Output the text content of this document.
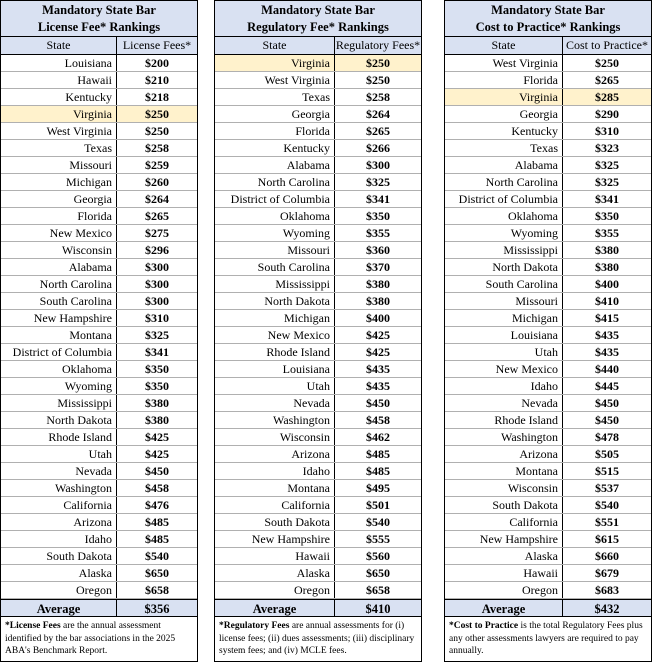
Mandatory State Bar
License Fee* Rankings
State	License Fees*
Louisiana	$200
Hawaii	$210
Kentucky	$218
Virginia	$250
West Virginia	$250
Texas	$258
Missouri	$259
Michigan	$260
Georgia	$264
Florida	$265
New Mexico	$275
Wisconsin	$296
Alabama	$300
North Carolina	$300
South Carolina	$300
New Hampshire	$310
Montana	$325
District of Columbia	$341
Oklahoma	$350
Wyoming	$350
Mississippi	$380
North Dakota	$380
Rhode Island	$425
Utah	$425
Nevada	$450
Washington	$458
California	$476
Arizona	$485
Idaho	$485
South Dakota	$540
Alaska	$650
Oregon	$658
Average	$356
*License Fees are the annual assessment identified by the bar associations in the 2025 ABA's Benchmark Report.
Mandatory State Bar
Regulatory Fee* Rankings
State	Regulatory Fees*
Virginia	$250
West Virginia	$250
Texas	$258
Georgia	$264
Florida	$265
Kentucky	$266
Alabama	$300
North Carolina	$325
District of Columbia	$341
Oklahoma	$350
Wyoming	$355
Missouri	$360
South Carolina	$370
Mississippi	$380
North Dakota	$380
Michigan	$400
New Mexico	$425
Rhode Island	$425
Louisiana	$435
Utah	$435
Nevada	$450
Washington	$458
Wisconsin	$462
Arizona	$485
Idaho	$485
Montana	$495
California	$501
South Dakota	$540
New Hampshire	$555
Hawaii	$560
Alaska	$650
Oregon	$658
Average	$410
*Regulatory Fees are annual assessments for (i) license fees; (ii) dues assessments; (iii) disciplinary system fees; and (iv) MCLE fees.
Mandatory State Bar
Cost to Practice* Rankings
State	Cost to Practice*
West Virginia	$250
Florida	$265
Virginia	$285
Georgia	$290
Kentucky	$310
Texas	$323
Alabama	$325
North Carolina	$325
District of Columbia	$341
Oklahoma	$350
Wyoming	$355
Mississippi	$380
North Dakota	$380
South Carolina	$400
Missouri	$410
Michigan	$415
Louisiana	$435
Utah	$435
New Mexico	$440
Idaho	$445
Nevada	$450
Rhode Island	$450
Washington	$478
Arizona	$505
Montana	$515
Wisconsin	$537
South Dakota	$540
California	$551
New Hampshire	$615
Alaska	$660
Hawaii	$679
Oregon	$683
Average	$432
*Cost to Practice is the total Regulatory Fees plus any other assessments lawyers are required to pay annually.
